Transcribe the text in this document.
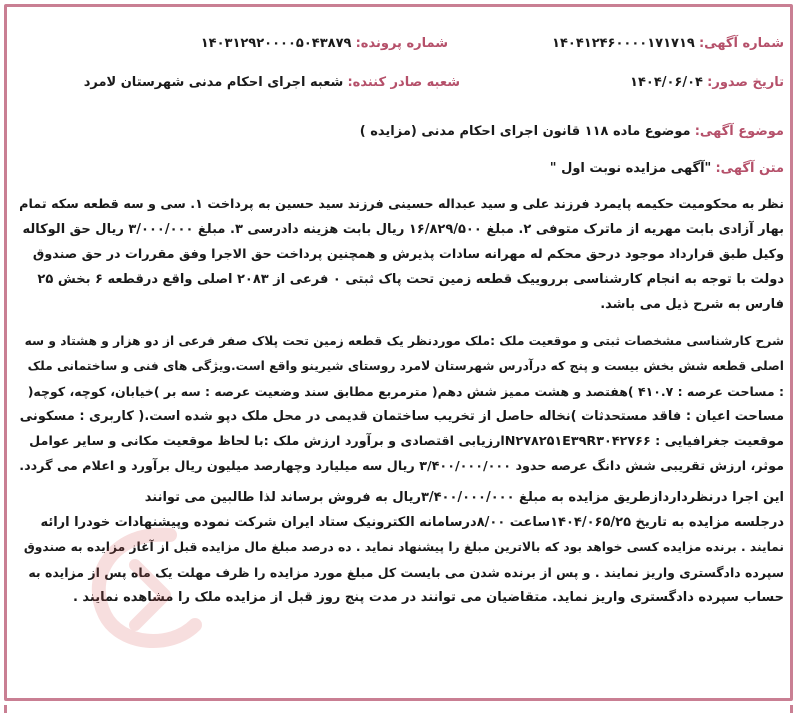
شماره آگهی: ۱۴۰۴۱۲۴۶۰۰۰۰۱۷۱۷۱۹
شماره پرونده: ۱۴۰۳۱۲۹۲۰۰۰۰۵۰۴۳۸۷۹
تاریخ صدور: ۱۴۰۴/۰۶/۰۴
شعبه صادر کننده: شعبه اجرای احکام مدنی شهرستان لامرد
موضوع آگهی: موضوع ماده ۱۱۸ قانون اجرای احکام مدنی (مزایده )
متن آگهی: "آگهی مزایده نوبت اول "
نظر به محکومیت حکیمه پایمرد فرزند علی و سید عبداله حسینی فرزند سید حسین به پرداخت ۱. سی و سه قطعه سکه تمام
بهار آزادی بابت مهریه از ماترک متوفی ۲. مبلغ ۱۶/۸۲۹/۵۰۰ ریال بابت هزینه دادرسی ۳. مبلغ ۳/۰۰۰/۰۰۰ ریال حق الوکاله
وکیل طبق قرارداد موجود درحق محکم له مهرانه سادات پذیرش و همچنین پرداخت حق الاجرا وفق مقررات در حق صندوق
دولت با توجه به انجام کارشناسی برروییک قطعه زمین تحت پاک ثبتی ۰ فرعی از ۲۰۸۳ اصلی واقع درقطعه ۶ بخش ۲۵
فارس به شرح ذیل می باشد.
شرح کارشناسی مشخصات ثبتی و موقعیت ملک :ملک موردنظر یک قطعه زمین تحت پلاک صفر فرعی از دو هزار و هشتاد و سه
اصلی قطعه شش بخش بیست و پنج که درآدرس شهرستان لامرد روستای شیرینو واقع است.ویژگی های فنی و ساختمانی ملک
: مساحت عرصه : ۴۱۰.۷ )هفتصد و هشت ممیز شش دهم( مترمربع مطابق سند وضعیت عرصه : سه بر )خیابان، کوچه، کوچه(
مساحت اعیان : فاقد مستحدثات )نخاله حاصل از تخریب ساختمان قدیمی در محل ملک دپو شده است.( کاربری : مسکونی
موقعیت جغرافیایی : N۲۷۸۲۵۱E۳۹R۳۰۴۲۷۶۶ارزیابی اقتصادی و برآورد ارزش ملک :با لحاظ موقعیت مکانی و سایر عوامل
موثر، ارزش تقریبی شش دانگ عرصه حدود ۳/۴۰۰/۰۰۰/۰۰۰ ریال سه میلیارد وچهارصد میلیون ریال برآورد و اعلام می گردد.
این اجرا درنظرداردازطریق مزایده به مبلغ ۳/۴۰۰/۰۰۰/۰۰۰ریال به فروش برساند لذا طالبین می توانند
درجلسه مزایده به تاریخ ۱۴۰۴/۰۶۵/۲۵ساعت ۸/۰۰درسامانه الکترونیک ستاد ایران شرکت نموده وپیشنهادات خودرا ارائه
نمایند . برنده مزایده کسی خواهد بود که بالاترین مبلغ را پیشنهاد نماید . ده درصد مبلغ مال مزایده قبل از آغاز مزایده به صندوق
سپرده دادگستری واریز نمایند . و پس از برنده شدن می بایست کل مبلغ مورد مزایده را ظرف مهلت یک ماه پس از مزایده به
حساب سپرده دادگستری واریز نماید. متقاضیان می توانند در مدت پنج روز قبل از مزایده ملک را مشاهده نمایند .
